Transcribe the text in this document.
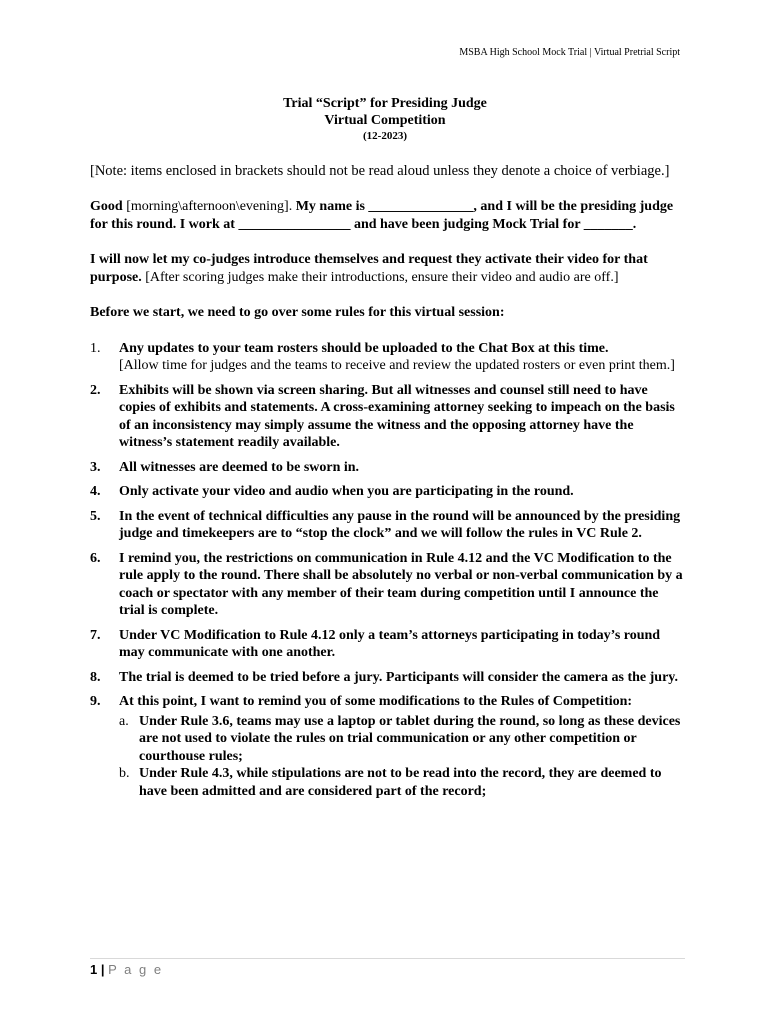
MSBA High School Mock Trial | Virtual Pretrial Script
Trial “Script” for Presiding Judge
Virtual Competition
(12-2023)

[Note: items enclosed in brackets should not be read aloud unless they denote a choice of verbiage.]

Good [morning\afternoon\evening]. My name is _______________, and I will be the presiding judge for this round. I work at ________________ and have been judging Mock Trial for _______.

I will now let my co-judges introduce themselves and request they activate their video for that purpose. [After scoring judges make their introductions, ensure their video and audio are off.]

Before we start, we need to go over some rules for this virtual session:

1. Any updates to your team rosters should be uploaded to the Chat Box at this time.
[Allow time for judges and the teams to receive and review the updated rosters or even print them.]
2. Exhibits will be shown via screen sharing. But all witnesses and counsel still need to have copies of exhibits and statements. A cross-examining attorney seeking to impeach on the basis of an inconsistency may simply assume the witness and the opposing attorney have the witness’s statement readily available.
3. All witnesses are deemed to be sworn in.
4. Only activate your video and audio when you are participating in the round.
5. In the event of technical difficulties any pause in the round will be announced by the presiding judge and timekeepers are to “stop the clock” and we will follow the rules in VC Rule 2.
6. I remind you, the restrictions on communication in Rule 4.12 and the VC Modification to the rule apply to the round. There shall be absolutely no verbal or non-verbal communication by a coach or spectator with any member of their team during competition until I announce the trial is complete.
7. Under VC Modification to Rule 4.12 only a team’s attorneys participating in today’s round may communicate with one another.
8. The trial is deemed to be tried before a jury. Participants will consider the camera as the jury.
9. At this point, I want to remind you of some modifications to the Rules of Competition:
a. Under Rule 3.6, teams may use a laptop or tablet during the round, so long as these devices are not used to violate the rules on trial communication or any other competition or courthouse rules;
b. Under Rule 4.3, while stipulations are not to be read into the record, they are deemed to have been admitted and are considered part of the record;
1 | P a g e
